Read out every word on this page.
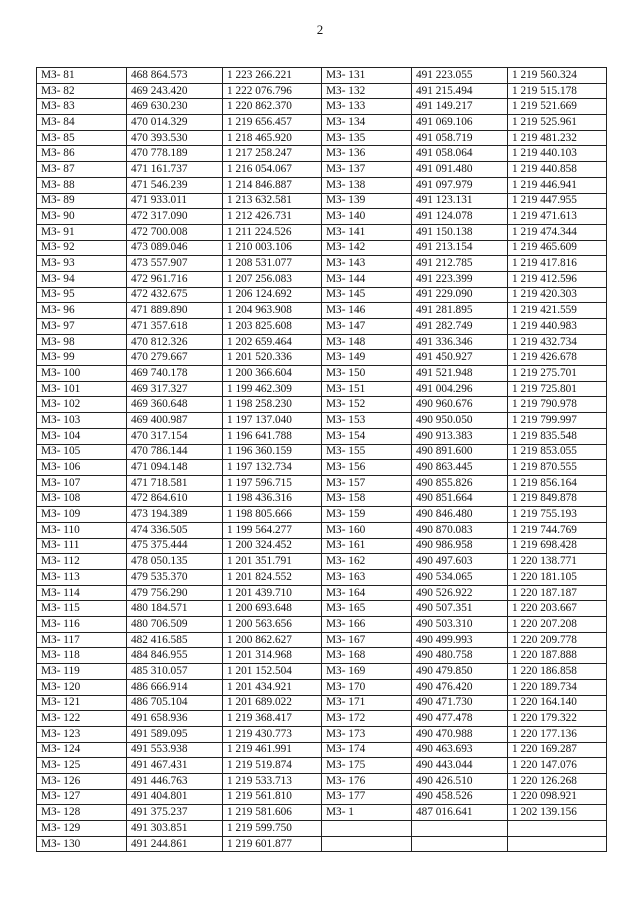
2
МЗ- 81	468 864.573	1 223 266.221	МЗ- 131	491 223.055	1 219 560.324
МЗ- 82	469 243.420	1 222 076.796	МЗ- 132	491 215.494	1 219 515.178
МЗ- 83	469 630.230	1 220 862.370	МЗ- 133	491 149.217	1 219 521.669
МЗ- 84	470 014.329	1 219 656.457	МЗ- 134	491 069.106	1 219 525.961
МЗ- 85	470 393.530	1 218 465.920	МЗ- 135	491 058.719	1 219 481.232
МЗ- 86	470 778.189	1 217 258.247	МЗ- 136	491 058.064	1 219 440.103
МЗ- 87	471 161.737	1 216 054.067	МЗ- 137	491 091.480	1 219 440.858
МЗ- 88	471 546.239	1 214 846.887	МЗ- 138	491 097.979	1 219 446.941
МЗ- 89	471 933.011	1 213 632.581	МЗ- 139	491 123.131	1 219 447.955
МЗ- 90	472 317.090	1 212 426.731	МЗ- 140	491 124.078	1 219 471.613
МЗ- 91	472 700.008	1 211 224.526	МЗ- 141	491 150.138	1 219 474.344
МЗ- 92	473 089.046	1 210 003.106	МЗ- 142	491 213.154	1 219 465.609
МЗ- 93	473 557.907	1 208 531.077	МЗ- 143	491 212.785	1 219 417.816
МЗ- 94	472 961.716	1 207 256.083	МЗ- 144	491 223.399	1 219 412.596
МЗ- 95	472 432.675	1 206 124.692	МЗ- 145	491 229.090	1 219 420.303
МЗ- 96	471 889.890	1 204 963.908	МЗ- 146	491 281.895	1 219 421.559
МЗ- 97	471 357.618	1 203 825.608	МЗ- 147	491 282.749	1 219 440.983
МЗ- 98	470 812.326	1 202 659.464	МЗ- 148	491 336.346	1 219 432.734
МЗ- 99	470 279.667	1 201 520.336	МЗ- 149	491 450.927	1 219 426.678
МЗ- 100	469 740.178	1 200 366.604	МЗ- 150	491 521.948	1 219 275.701
МЗ- 101	469 317.327	1 199 462.309	МЗ- 151	491 004.296	1 219 725.801
МЗ- 102	469 360.648	1 198 258.230	МЗ- 152	490 960.676	1 219 790.978
МЗ- 103	469 400.987	1 197 137.040	МЗ- 153	490 950.050	1 219 799.997
МЗ- 104	470 317.154	1 196 641.788	МЗ- 154	490 913.383	1 219 835.548
МЗ- 105	470 786.144	1 196 360.159	МЗ- 155	490 891.600	1 219 853.055
МЗ- 106	471 094.148	1 197 132.734	МЗ- 156	490 863.445	1 219 870.555
МЗ- 107	471 718.581	1 197 596.715	МЗ- 157	490 855.826	1 219 856.164
МЗ- 108	472 864.610	1 198 436.316	МЗ- 158	490 851.664	1 219 849.878
МЗ- 109	473 194.389	1 198 805.666	МЗ- 159	490 846.480	1 219 755.193
МЗ- 110	474 336.505	1 199 564.277	МЗ- 160	490 870.083	1 219 744.769
МЗ- 111	475 375.444	1 200 324.452	МЗ- 161	490 986.958	1 219 698.428
МЗ- 112	478 050.135	1 201 351.791	МЗ- 162	490 497.603	1 220 138.771
МЗ- 113	479 535.370	1 201 824.552	МЗ- 163	490 534.065	1 220 181.105
МЗ- 114	479 756.290	1 201 439.710	МЗ- 164	490 526.922	1 220 187.187
МЗ- 115	480 184.571	1 200 693.648	МЗ- 165	490 507.351	1 220 203.667
МЗ- 116	480 706.509	1 200 563.656	МЗ- 166	490 503.310	1 220 207.208
МЗ- 117	482 416.585	1 200 862.627	МЗ- 167	490 499.993	1 220 209.778
МЗ- 118	484 846.955	1 201 314.968	МЗ- 168	490 480.758	1 220 187.888
МЗ- 119	485 310.057	1 201 152.504	МЗ- 169	490 479.850	1 220 186.858
МЗ- 120	486 666.914	1 201 434.921	МЗ- 170	490 476.420	1 220 189.734
МЗ- 121	486 705.104	1 201 689.022	МЗ- 171	490 471.730	1 220 164.140
МЗ- 122	491 658.936	1 219 368.417	МЗ- 172	490 477.478	1 220 179.322
МЗ- 123	491 589.095	1 219 430.773	МЗ- 173	490 470.988	1 220 177.136
МЗ- 124	491 553.938	1 219 461.991	МЗ- 174	490 463.693	1 220 169.287
МЗ- 125	491 467.431	1 219 519.874	МЗ- 175	490 443.044	1 220 147.076
МЗ- 126	491 446.763	1 219 533.713	МЗ- 176	490 426.510	1 220 126.268
МЗ- 127	491 404.801	1 219 561.810	МЗ- 177	490 458.526	1 220 098.921
МЗ- 128	491 375.237	1 219 581.606	МЗ- 1	487 016.641	1 202 139.156
МЗ- 129	491 303.851	1 219 599.750			
МЗ- 130	491 244.861	1 219 601.877			
